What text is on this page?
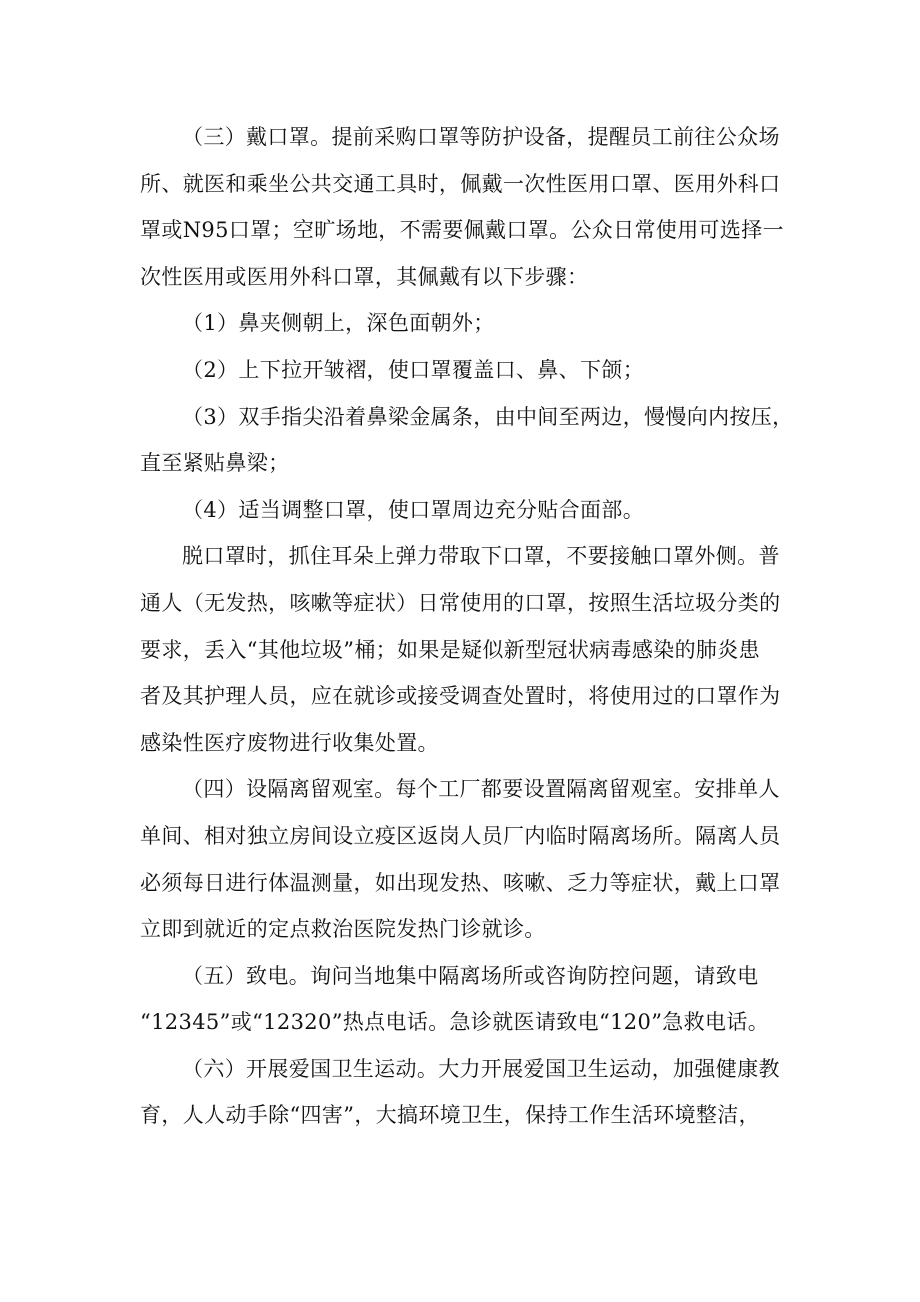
（三）戴口罩。提前采购口罩等防护设备，提醒员工前往公众场
所、就医和乘坐公共交通工具时，佩戴一次性医用口罩、医用外科口
罩或N95口罩；空旷场地，不需要佩戴口罩。公众日常使用可选择一
次性医用或医用外科口罩，其佩戴有以下步骤：

（1）鼻夹侧朝上，深色面朝外；

（2）上下拉开皱褶，使口罩覆盖口、鼻、下颌；

（3）双手指尖沿着鼻梁金属条，由中间至两边，慢慢向内按压，
直至紧贴鼻梁；

（4）适当调整口罩，使口罩周边充分贴合面部。

脱口罩时，抓住耳朵上弹力带取下口罩，不要接触口罩外侧。普
通人（无发热，咳嗽等症状）日常使用的口罩，按照生活垃圾分类的
要求，丢入“其他垃圾”桶；如果是疑似新型冠状病毒感染的肺炎患
者及其护理人员，应在就诊或接受调查处置时，将使用过的口罩作为
感染性医疗废物进行收集处置。

（四）设隔离留观室。每个工厂都要设置隔离留观室。安排单人
单间、相对独立房间设立疫区返岗人员厂内临时隔离场所。隔离人员
必须每日进行体温测量，如出现发热、咳嗽、乏力等症状，戴上口罩
立即到就近的定点救治医院发热门诊就诊。

（五）致电。询问当地集中隔离场所或咨询防控问题，请致电
“12345”或“12320”热点电话。急诊就医请致电“120”急救电话。

（六）开展爱国卫生运动。大力开展爱国卫生运动，加强健康教
育，人人动手除“四害”，大搞环境卫生，保持工作生活环境整洁，
